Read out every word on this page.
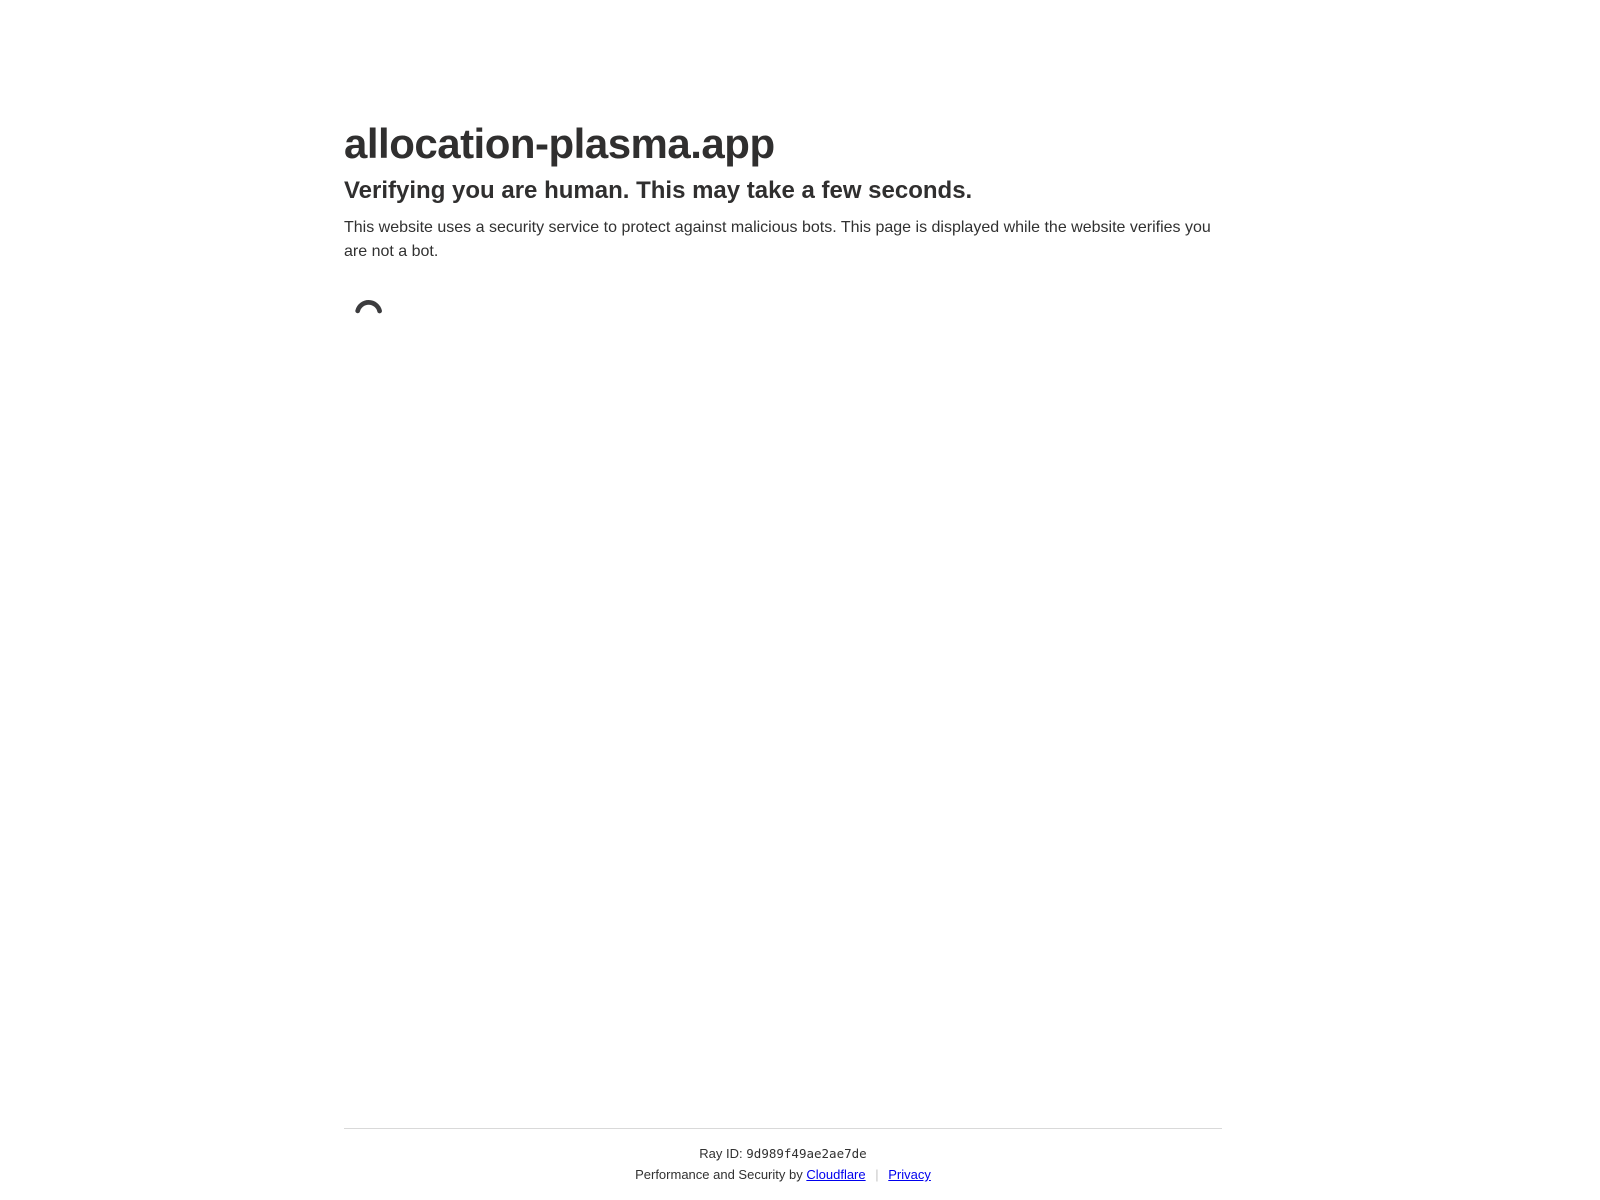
allocation-plasma.app
Verifying you are human. This may take a few seconds.

This website uses a security service to protect against malicious bots. This page is displayed while the website verifies you are not a bot.

Ray ID: 9d989f49ae2ae7de
Performance and Security by Cloudflare | Privacy
